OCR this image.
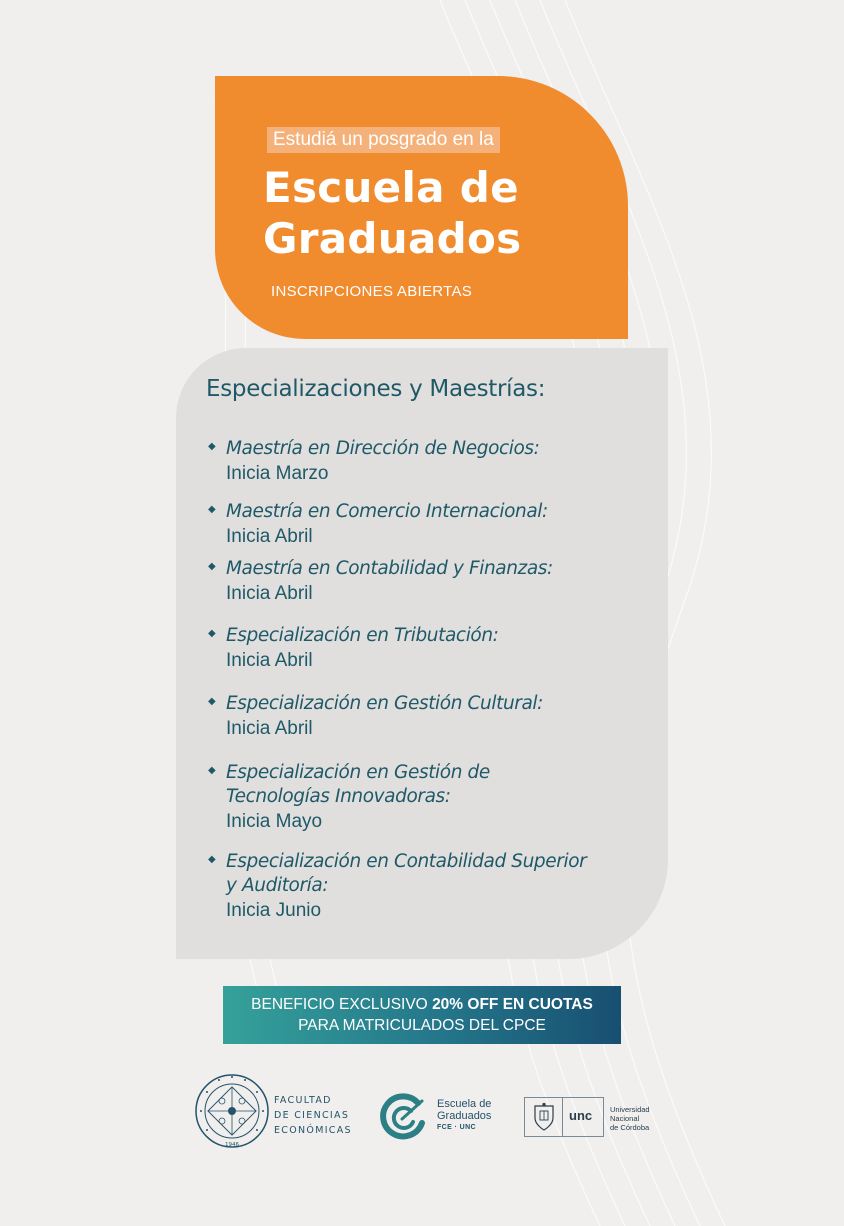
Estudiá un posgrado en la
Escuela de
Graduados
INSCRIPCIONES ABIERTAS
Especializaciones y Maestrías:
◆ Maestría en Dirección de Negocios:
Inicia Marzo
◆ Maestría en Comercio Internacional:
Inicia Abril
◆ Maestría en Contabilidad y Finanzas:
Inicia Abril
◆ Especialización en Tributación:
Inicia Abril
◆ Especialización en Gestión Cultural:
Inicia Abril
◆ Especialización en Gestión de
Tecnologías Innovadoras:
Inicia Mayo
◆ Especialización en Contabilidad Superior
y Auditoría:
Inicia Junio
BENEFICIO EXCLUSIVO 20% OFF EN CUOTAS
PARA MATRICULADOS DEL CPCE
1946
FACULTAD
DE CIENCIAS
ECONÓMICAS
Escuela de
Graduados
FCE · UNC
unc Universidad
Nacional
de Córdoba
